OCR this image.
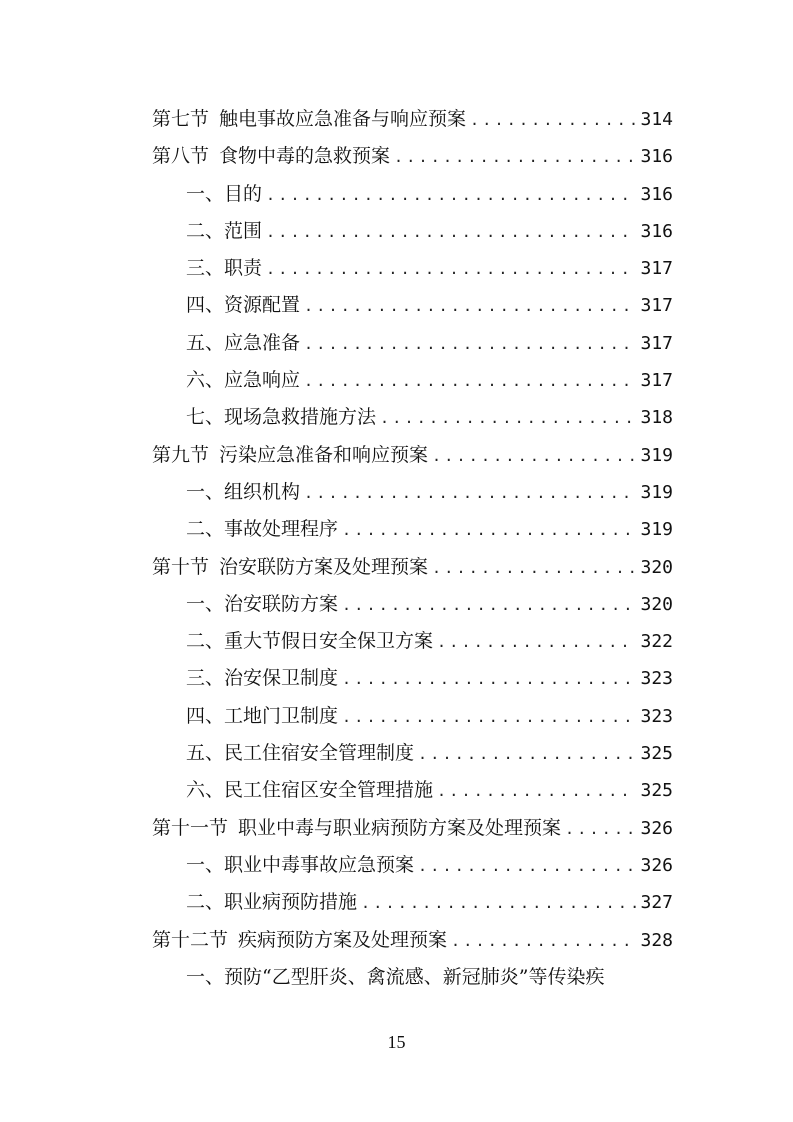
第七节 触电事故应急准备与响应预案 .....	314
第八节 食物中毒的急救预案 .....	316
一、目的 .....	316
二、范围 .....	316
三、职责 .....	317
四、资源配置 .....	317
五、应急准备 .....	317
六、应急响应 .....	317
七、现场急救措施方法 .....	318
第九节 污染应急准备和响应预案 .....	319
一、组织机构 .....	319
二、事故处理程序 .....	319
第十节 治安联防方案及处理预案 .....	320
一、治安联防方案 .....	320
二、重大节假日安全保卫方案 .....	322
三、治安保卫制度 .....	323
四、工地门卫制度 .....	323
五、民工住宿安全管理制度 .....	325
六、民工住宿区安全管理措施 .....	325
第十一节 职业中毒与职业病预防方案及处理预案 .....	326
一、职业中毒事故应急预案 .....	326
二、职业病预防措施 .....	327
第十二节 疾病预防方案及处理预案 .....	328
一、预防“乙型肝炎、禽流感、新冠肺炎”等传染疾
15
